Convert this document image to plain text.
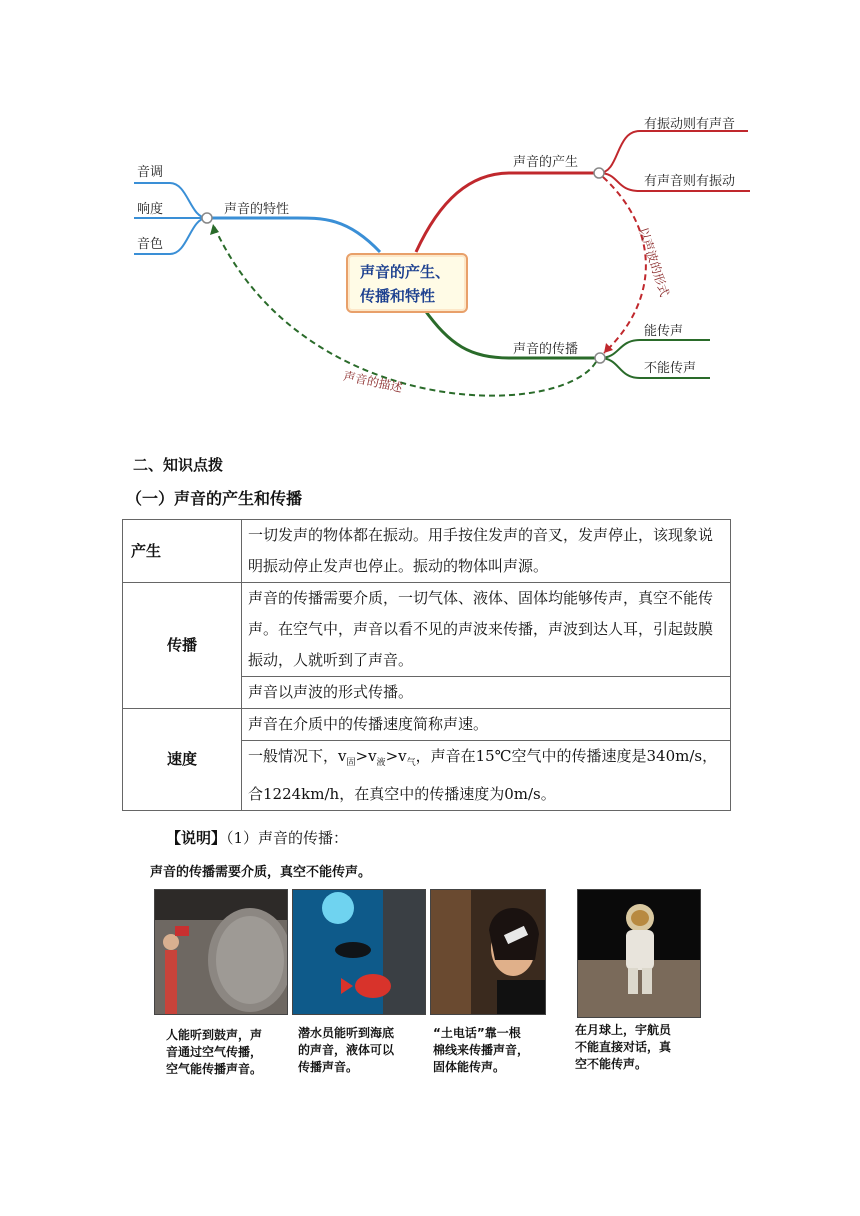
音调
响度
音色
声音的特性
声音的产生
有振动则有声音
有声音则有振动
声音的传播
能传声
不能传声
以声波的形式
声音的描述
声音的产生、
传播和特性
二、知识点拨
（一）声音的产生和传播
产生	一切发声的物体都在振动。用手按住发声的音叉，发声停止，该现象说明振动停止发声也停止。振动的物体叫声源。
传播	声音的传播需要介质，一切气体、液体、固体均能够传声，真空不能传声。在空气中，声音以看不见的声波来传播，声波到达人耳，引起鼓膜振动，人就听到了声音。
	声音以声波的形式传播。
速度	声音在介质中的传播速度简称声速。
	一般情况下，$v_固>v_液>v_气$，声音在15℃空气中的传播速度是340m/s，合1224km/h，在真空中的传播速度为0m/s。
【说明】（1）声音的传播：
声音的传播需要介质，真空不能传声。
人能听到鼓声，声
音通过空气传播，
空气能传播声音。
潜水员能听到海底
的声音，液体可以
传播声音。
“土电话”靠一根
棉线来传播声音，
固体能传声。
在月球上，宇航员
不能直接对话，真
空不能传声。
